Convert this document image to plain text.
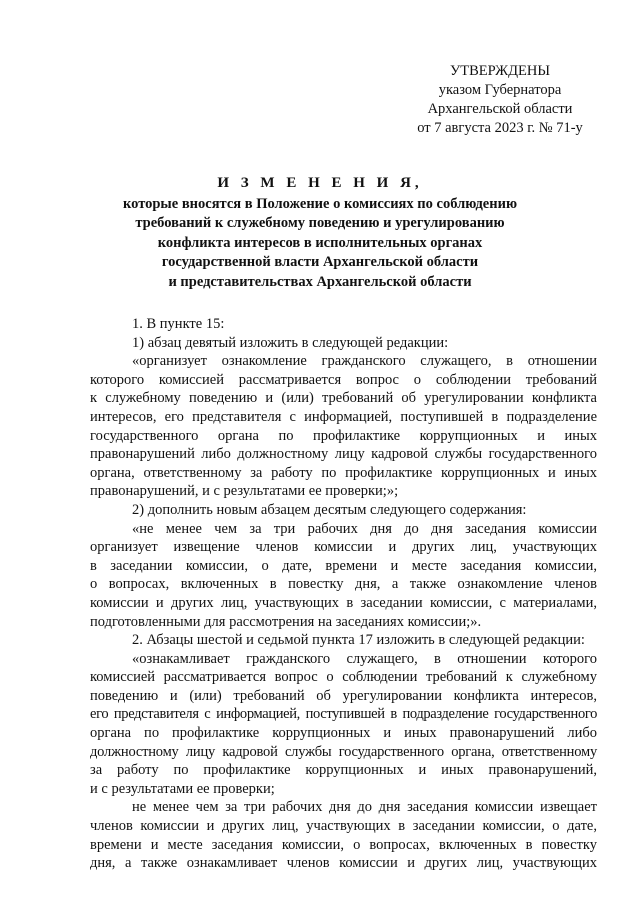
УТВЕРЖДЕНЫ
указом Губернатора
Архангельской области
от 7 августа 2023 г. № 71-у
И З М Е Н Е Н И Я,
которые вносятся в Положение о комиссиях по соблюдению
требований к служебному поведению и урегулированию
конфликта интересов в исполнительных органах
государственной власти Архангельской области
и представительствах Архангельской области
1. В пункте 15:
1) абзац девятый изложить в следующей редакции:
«организует ознакомление гражданского служащего, в отношении
которого комиссией рассматривается вопрос о соблюдении требований
к служебному поведению и (или) требований об урегулировании конфликта
интересов, его представителя с информацией, поступившей в подразделение
государственного органа по профилактике коррупционных и иных
правонарушений либо должностному лицу кадровой службы государственного
органа, ответственному за работу по профилактике коррупционных и иных
правонарушений, и с результатами ее проверки;»;
2) дополнить новым абзацем десятым следующего содержания:
«не менее чем за три рабочих дня до дня заседания комиссии
организует извещение членов комиссии и других лиц, участвующих
в заседании комиссии, о дате, времени и месте заседания комиссии,
о вопросах, включенных в повестку дня, а также ознакомление членов
комиссии и других лиц, участвующих в заседании комиссии, с материалами,
подготовленными для рассмотрения на заседаниях комиссии;».
2. Абзацы шестой и седьмой пункта 17 изложить в следующей редакции:
«ознакамливает гражданского служащего, в отношении которого
комиссией рассматривается вопрос о соблюдении требований к служебному
поведению и (или) требований об урегулировании конфликта интересов,
его представителя с информацией, поступившей в подразделение государственного
органа по профилактике коррупционных и иных правонарушений либо
должностному лицу кадровой службы государственного органа, ответственному
за работу по профилактике коррупционных и иных правонарушений,
и с результатами ее проверки;
не менее чем за три рабочих дня до дня заседания комиссии извещает
членов комиссии и других лиц, участвующих в заседании комиссии, о дате,
времени и месте заседания комиссии, о вопросах, включенных в повестку
дня, а также ознакамливает членов комиссии и других лиц, участвующих
